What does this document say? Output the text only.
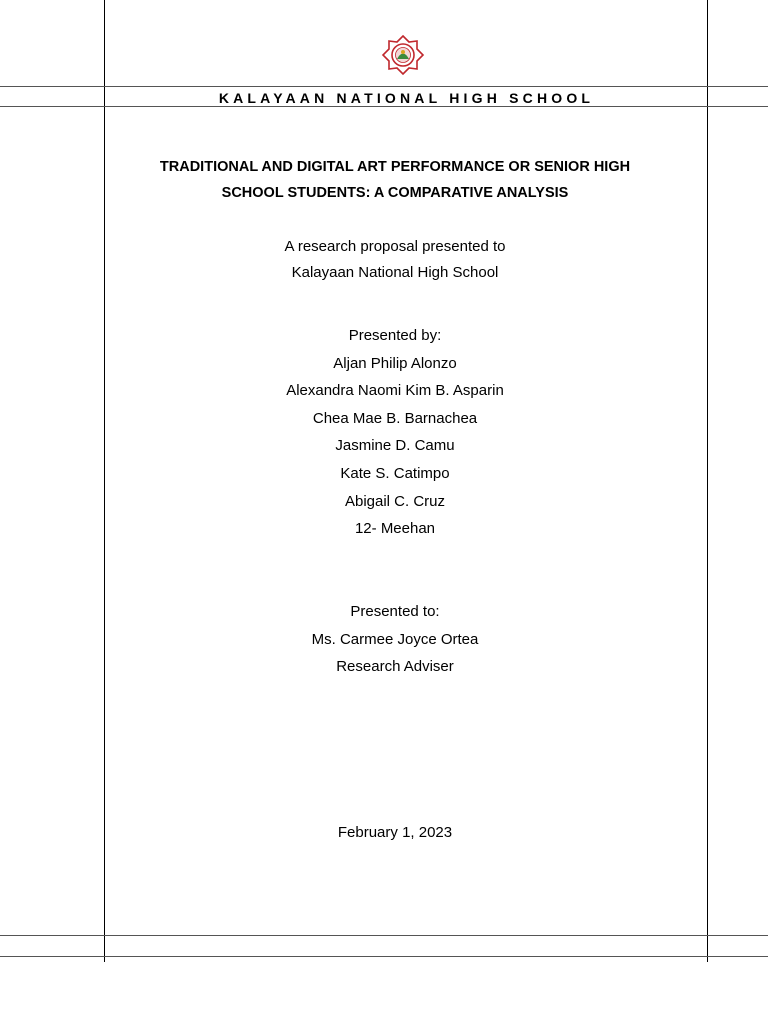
KALAYAAN NATIONAL HIGH SCHOOL
TRADITIONAL AND DIGITAL ART PERFORMANCE OR SENIOR HIGH
SCHOOL STUDENTS: A COMPARATIVE ANALYSIS
A research proposal presented to
Kalayaan National High School
Presented by:
Aljan Philip Alonzo
Alexandra Naomi Kim B. Asparin
Chea Mae B. Barnachea
Jasmine D. Camu
Kate S. Catimpo
Abigail C. Cruz
12- Meehan
Presented to:
Ms. Carmee Joyce Ortea
Research Adviser
February 1, 2023
